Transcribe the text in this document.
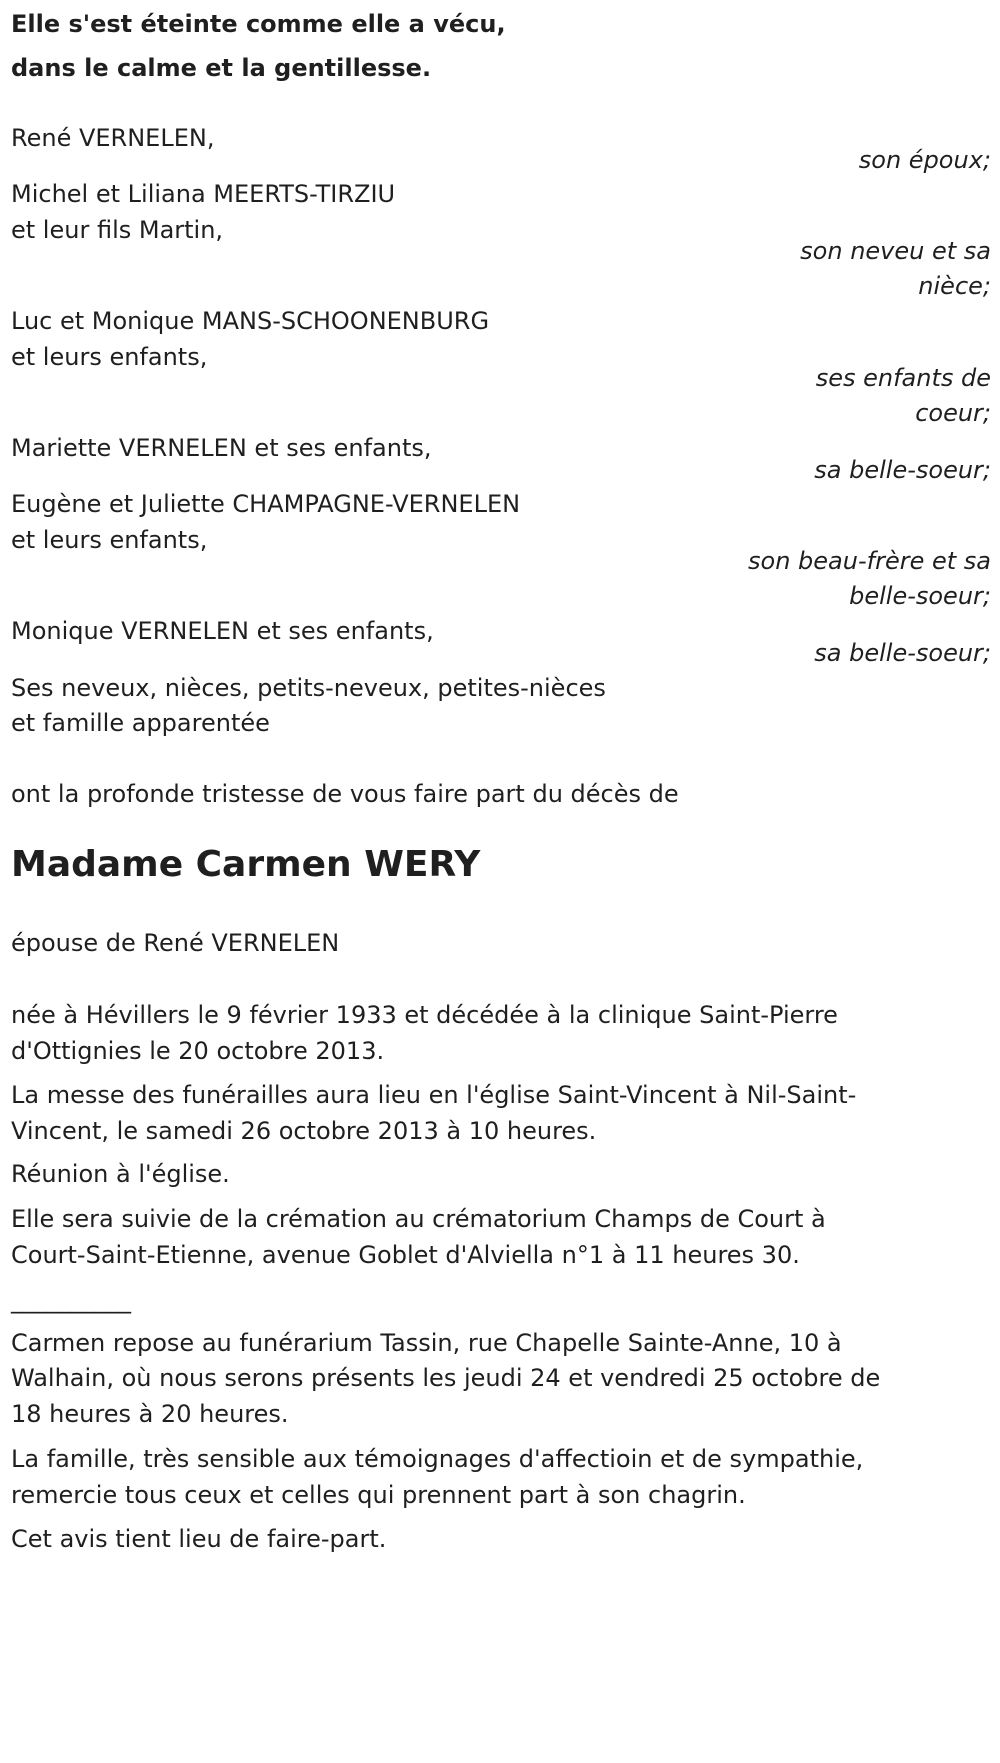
Elle s'est éteinte comme elle a vécu,
dans le calme et la gentillesse.
René VERNELEN,
son époux;
Michel et Liliana MEERTS-TIRZIU
et leur fils Martin,
son neveu et sa
nièce;
Luc et Monique MANS-SCHOONENBURG
et leurs enfants,
ses enfants de
coeur;
Mariette VERNELEN et ses enfants,
sa belle-soeur;
Eugène et Juliette CHAMPAGNE-VERNELEN
et leurs enfants,
son beau-frère et sa
belle-soeur;
Monique VERNELEN et ses enfants,
sa belle-soeur;
Ses neveux, nièces, petits-neveux, petites-nièces
et famille apparentée
ont la profonde tristesse de vous faire part du décès de
Madame Carmen WERY
épouse de René VERNELEN
née à Hévillers le 9 février 1933 et décédée à la clinique Saint-Pierre
d'Ottignies le 20 octobre 2013.
La messe des funérailles aura lieu en l'église Saint-Vincent à Nil-Saint-
Vincent, le samedi 26 octobre 2013 à 10 heures.
Réunion à l'église.
Elle sera suivie de la crémation au crématorium Champs de Court à
Court-Saint-Etienne, avenue Goblet d'Alviella n°1 à 11 heures 30.
__________
Carmen repose au funérarium Tassin, rue Chapelle Sainte-Anne, 10 à
Walhain, où nous serons présents les jeudi 24 et vendredi 25 octobre de
18 heures à 20 heures.
La famille, très sensible aux témoignages d'affectioin et de sympathie,
remercie tous ceux et celles qui prennent part à son chagrin.
Cet avis tient lieu de faire-part.
